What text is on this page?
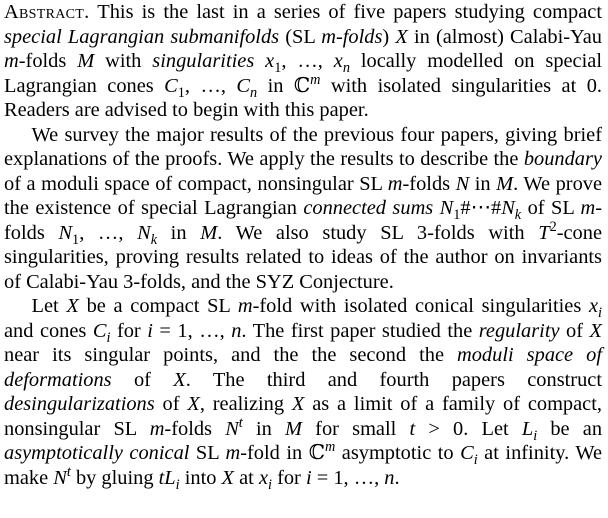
Abstract. This is the last in a series of five papers studying compact special Lagrangian submanifolds (SL m-folds) X in (almost) Calabi-Yau m-folds M with singularities $x_1$, …, $x_n$ locally modelled on special Lagrangian cones $C_1$, …, $C_n$ in ℂ$^m$ with isolated singularities at 0. Readers are advised to begin with this paper.

We survey the major results of the previous four papers, giving brief explanations of the proofs. We apply the results to describe the boundary of a moduli space of compact, nonsingular SL m-folds N in M. We prove the existence of special Lagrangian connected sums $N_1\#\cdots\#N_k$ of SL m-folds $N_1$, …, $N_k$ in M. We also study SL 3-folds with $T^2$-cone singularities, proving results related to ideas of the author on invariants of Calabi-Yau 3-folds, and the SYZ Conjecture.

Let X be a compact SL m-fold with isolated conical singularities $x_i$ and cones $C_i$ for i = 1, …, n. The first paper studied the regularity of X near its singular points, and the the second the moduli space of deformations of X. The third and fourth papers construct desingularizations of X, realizing X as a limit of a family of compact, nonsingular SL m-folds $N^t$ in M for small t > 0. Let $L_i$ be an asymptotically conical SL m-fold in ℂ$^m$ asymptotic to $C_i$ at infinity. We make $N^t$ by gluing $tL_i$ into X at $x_i$ for i = 1, …, n.
